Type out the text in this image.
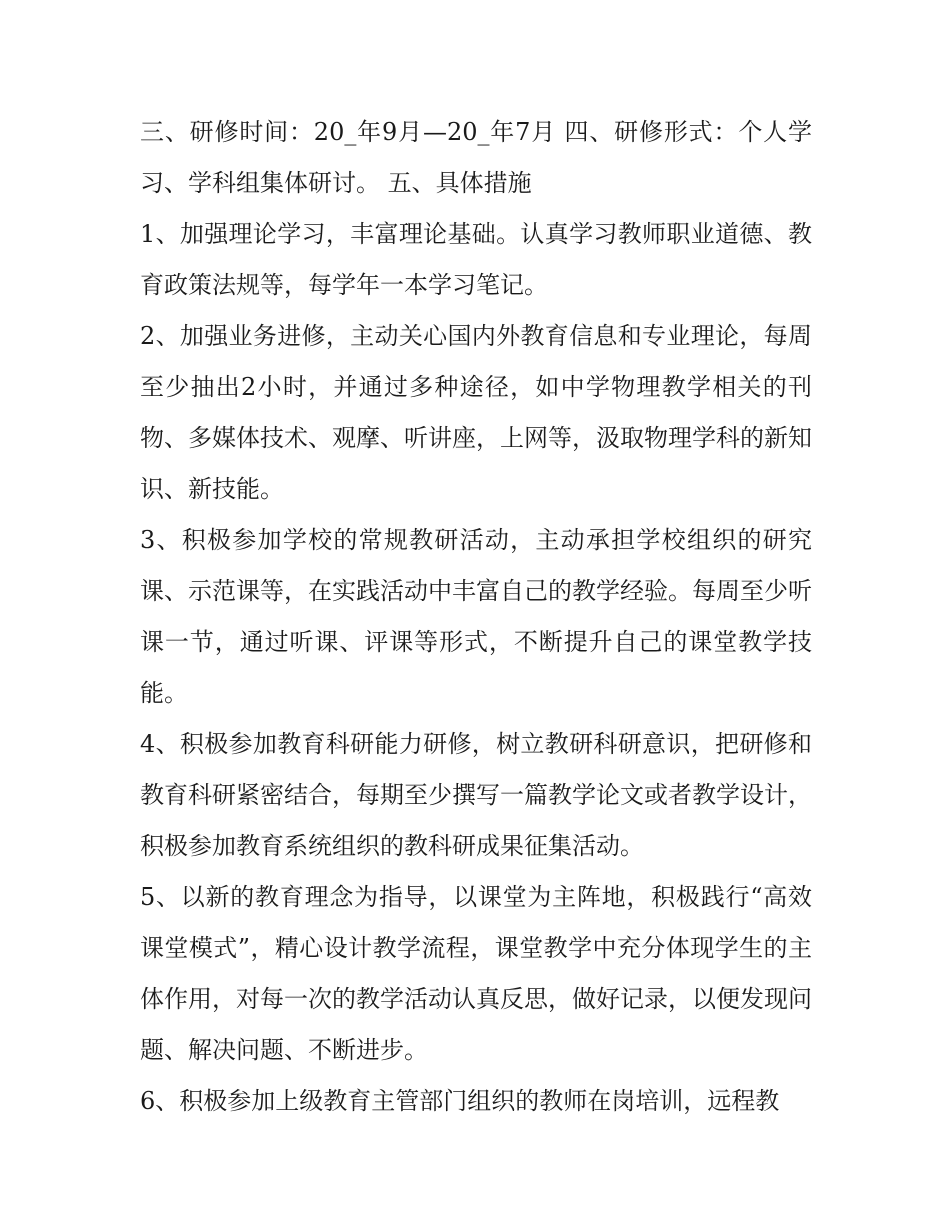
三、研修时间：20_年9月—20_年7月 四、研修形式：个人学习、学科组集体研讨。 五、具体措施

1、加强理论学习，丰富理论基础。认真学习教师职业道德、教育政策法规等，每学年一本学习笔记。

2、加强业务进修，主动关心国内外教育信息和专业理论，每周至少抽出2小时，并通过多种途径，如中学物理教学相关的刊物、多媒体技术、观摩、听讲座，上网等，汲取物理学科的新知识、新技能。

3、积极参加学校的常规教研活动，主动承担学校组织的研究课、示范课等，在实践活动中丰富自己的教学经验。每周至少听课一节，通过听课、评课等形式，不断提升自己的课堂教学技能。

4、积极参加教育科研能力研修，树立教研科研意识，把研修和教育科研紧密结合，每期至少撰写一篇教学论文或者教学设计，积极参加教育系统组织的教科研成果征集活动。

5、以新的教育理念为指导，以课堂为主阵地，积极践行“高效课堂模式”，精心设计教学流程，课堂教学中充分体现学生的主体作用，对每一次的教学活动认真反思，做好记录，以便发现问题、解决问题、不断进步。

6、积极参加上级教育主管部门组织的教师在岗培训，远程教
